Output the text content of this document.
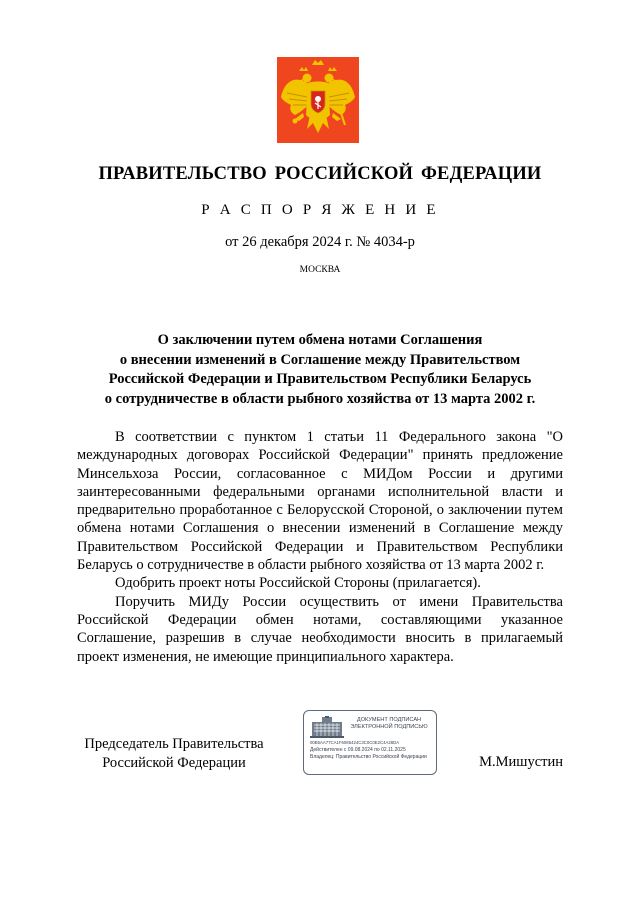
ПРАВИТЕЛЬСТВО РОССИЙСКОЙ ФЕДЕРАЦИИ
Р А С П О Р Я Ж Е Н И Е
от 26 декабря 2024 г. № 4034-р
МОСКВА
О заключении путем обмена нотами Соглашения
о внесении изменений в Соглашение между Правительством
Российской Федерации и Правительством Республики Беларусь
о сотрудничестве в области рыбного хозяйства от 13 марта 2002 г.

В соответствии с пунктом 1 статьи 11 Федерального закона "О международных договорах Российской Федерации" принять предложение Минсельхоза России, согласованное с МИДом России и другими заинтересованными федеральными органами исполнительной власти и предварительно проработанное с Белорусской Стороной, о заключении путем обмена нотами Соглашения о внесении изменений в Соглашение между Правительством Российской Федерации и Правительством Республики Беларусь о сотрудничестве в области рыбного хозяйства от 13 марта 2002 г.

Одобрить проект ноты Российской Стороны (прилагается).

Поручить МИДу России осуществить от имени Правительства Российской Федерации обмен нотами, составляющими указанное Соглашение, разрешив в случае необходимости вносить в прилагаемый проект изменения, не имеющие принципиального характера.

Председатель Правительства
Российской Федерации
ДОКУМЕНТ ПОДПИСАН
ЭЛЕКТРОННОЙ ПОДПИСЬЮ
00B5AA77CA1F6085424C3C0C0E2C4A28DA
Действителен с 09.08.2024 по 02.11.2025
Владелец: Правительство Российской Федерации	М.Мишустин
